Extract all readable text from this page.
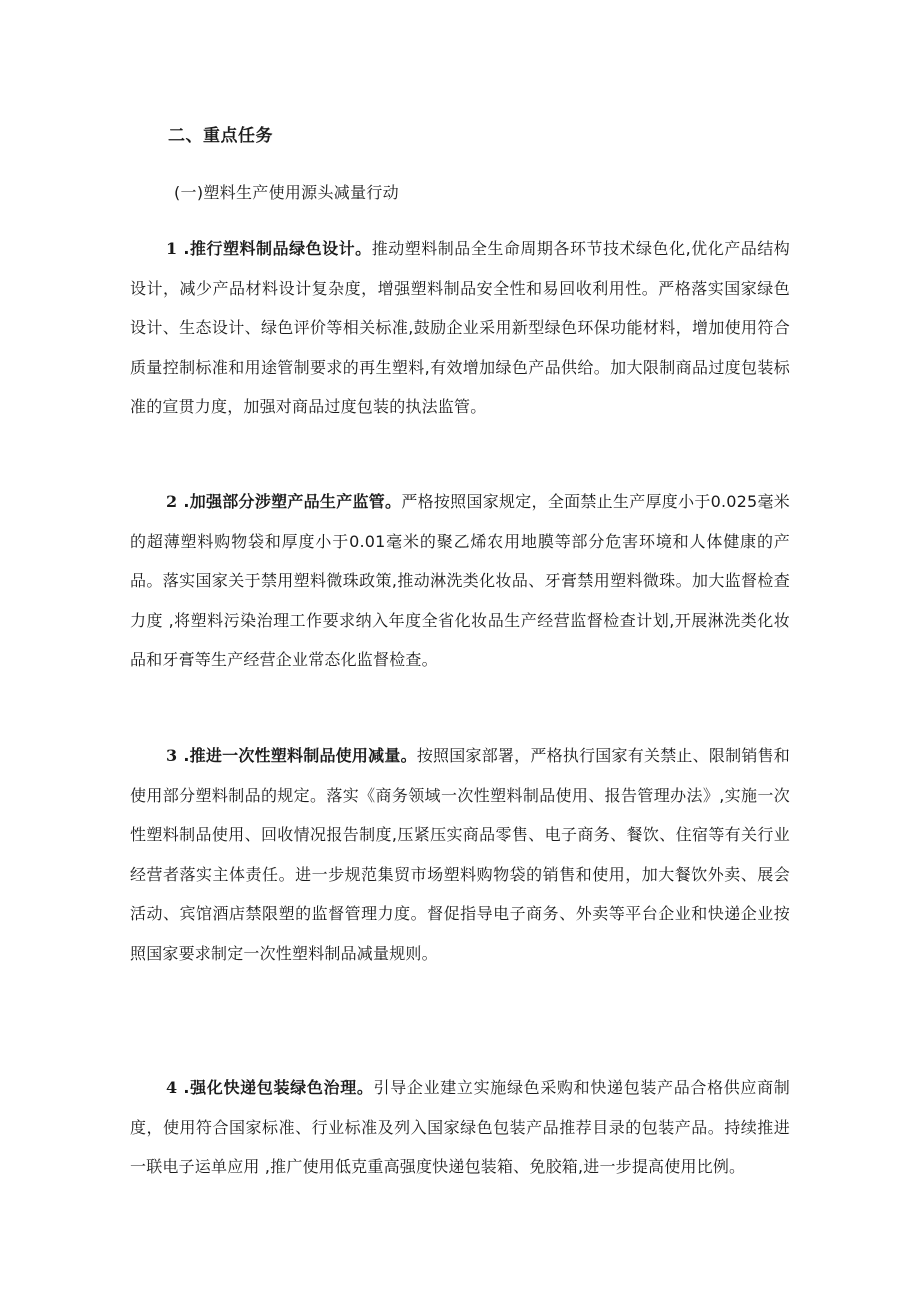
二、重点任务
(一)塑料生产使用源头减量行动

1 .推行塑料制品绿色设计。推动塑料制品全生命周期各环节技术绿色化,优化产品结构设计，减少产品材料设计复杂度，增强塑料制品安全性和易回收利用性。严格落实国家绿色设计、生态设计、绿色评价等相关标准,鼓励企业采用新型绿色环保功能材料，增加使用符合质量控制标准和用途管制要求的再生塑料,有效增加绿色产品供给。加大限制商品过度包装标准的宣贯力度，加强对商品过度包装的执法监管。

2 .加强部分涉塑产品生产监管。严格按照国家规定，全面禁止生产厚度小于0.025毫米的超薄塑料购物袋和厚度小于0.01毫米的聚乙烯农用地膜等部分危害环境和人体健康的产品。落实国家关于禁用塑料微珠政策,推动淋洗类化妆品、牙膏禁用塑料微珠。加大监督检查力度 ,将塑料污染治理工作要求纳入年度全省化妆品生产经营监督检查计划,开展淋洗类化妆品和牙膏等生产经营企业常态化监督检查。

3 .推进一次性塑料制品使用减量。按照国家部署，严格执行国家有关禁止、限制销售和使用部分塑料制品的规定。落实《商务领域一次性塑料制品使用、报告管理办法》,实施一次性塑料制品使用、回收情况报告制度,压紧压实商品零售、电子商务、餐饮、住宿等有关行业经营者落实主体责任。进一步规范集贸市场塑料购物袋的销售和使用，加大餐饮外卖、展会活动、宾馆酒店禁限塑的监督管理力度。督促指导电子商务、外卖等平台企业和快递企业按照国家要求制定一次性塑料制品减量规则。

4 .强化快递包装绿色治理。引导企业建立实施绿色采购和快递包装产品合格供应商制度，使用符合国家标准、行业标准及列入国家绿色包装产品推荐目录的包装产品。持续推进一联电子运单应用 ,推广使用低克重高强度快递包装箱、免胶箱,进一步提高使用比例。
